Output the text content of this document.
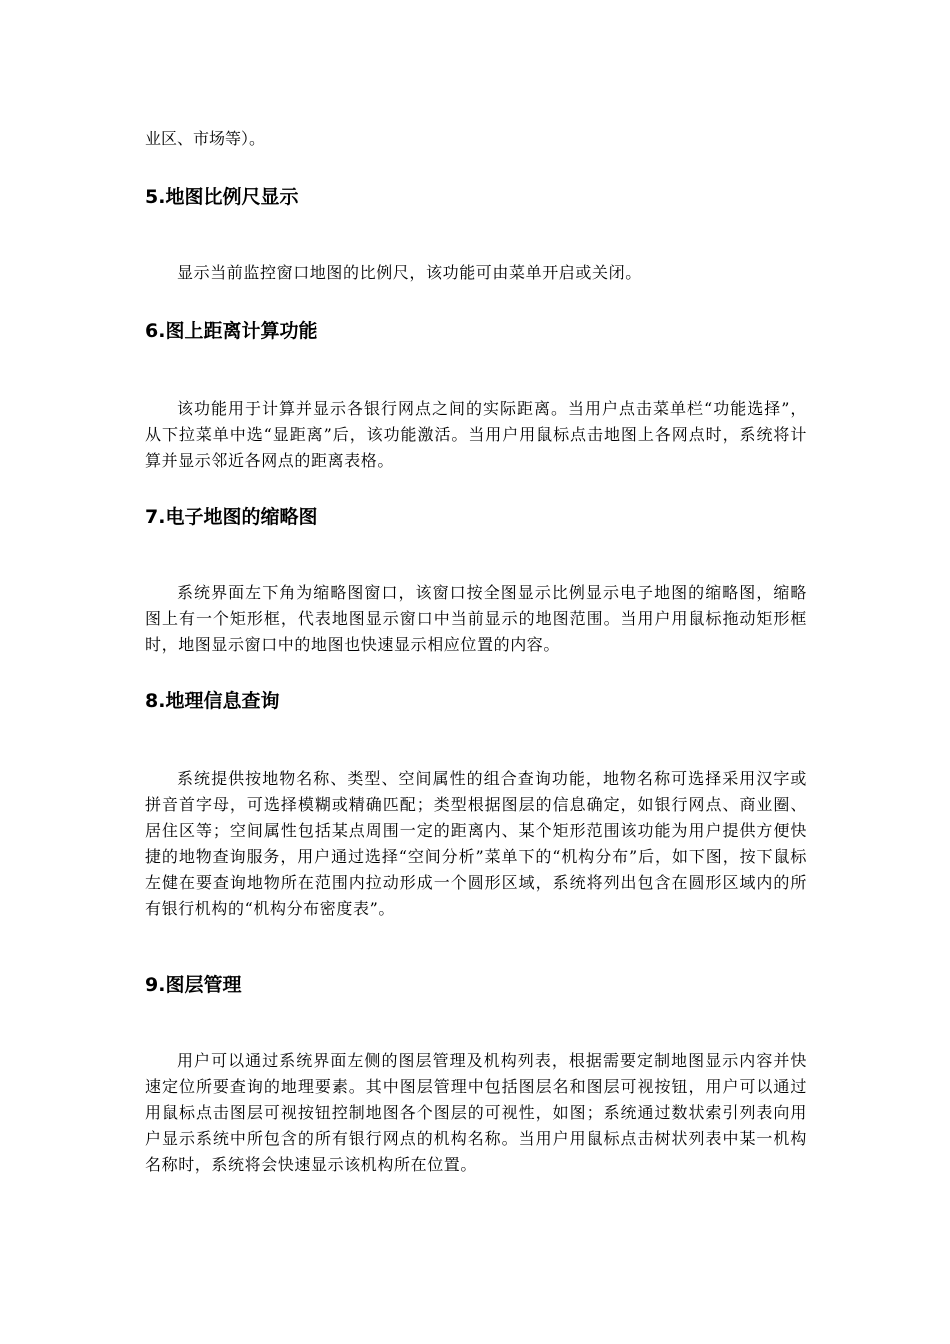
业区、市场等）。
5.地图比例尺显示
显示当前监控窗口地图的比例尺，该功能可由菜单开启或关闭。
6.图上距离计算功能
该功能用于计算并显示各银行网点之间的实际距离。当用户点击菜单栏“功能选择”，从下拉菜单中选“显距离”后，该功能激活。当用户用鼠标点击地图上各网点时，系统将计算并显示邻近各网点的距离表格。
7.电子地图的缩略图
系统界面左下角为缩略图窗口，该窗口按全图显示比例显示电子地图的缩略图，缩略图上有一个矩形框，代表地图显示窗口中当前显示的地图范围。当用户用鼠标拖动矩形框时，地图显示窗口中的地图也快速显示相应位置的内容。
8.地理信息查询
系统提供按地物名称、类型、空间属性的组合查询功能，地物名称可选择采用汉字或拼音首字母，可选择模糊或精确匹配；类型根据图层的信息确定，如银行网点、商业圈、居住区等；空间属性包括某点周围一定的距离内、某个矩形范围该功能为用户提供方便快捷的地物查询服务，用户通过选择“空间分析”菜单下的“机构分布”后，如下图，按下鼠标左健在要查询地物所在范围内拉动形成一个圆形区域，系统将列出包含在圆形区域内的所有银行机构的“机构分布密度表”。
9.图层管理
用户可以通过系统界面左侧的图层管理及机构列表，根据需要定制地图显示内容并快速定位所要查询的地理要素。其中图层管理中包括图层名和图层可视按钮，用户可以通过用鼠标点击图层可视按钮控制地图各个图层的可视性，如图；系统通过数状索引列表向用户显示系统中所包含的所有银行网点的机构名称。当用户用鼠标点击树状列表中某一机构名称时，系统将会快速显示该机构所在位置。
